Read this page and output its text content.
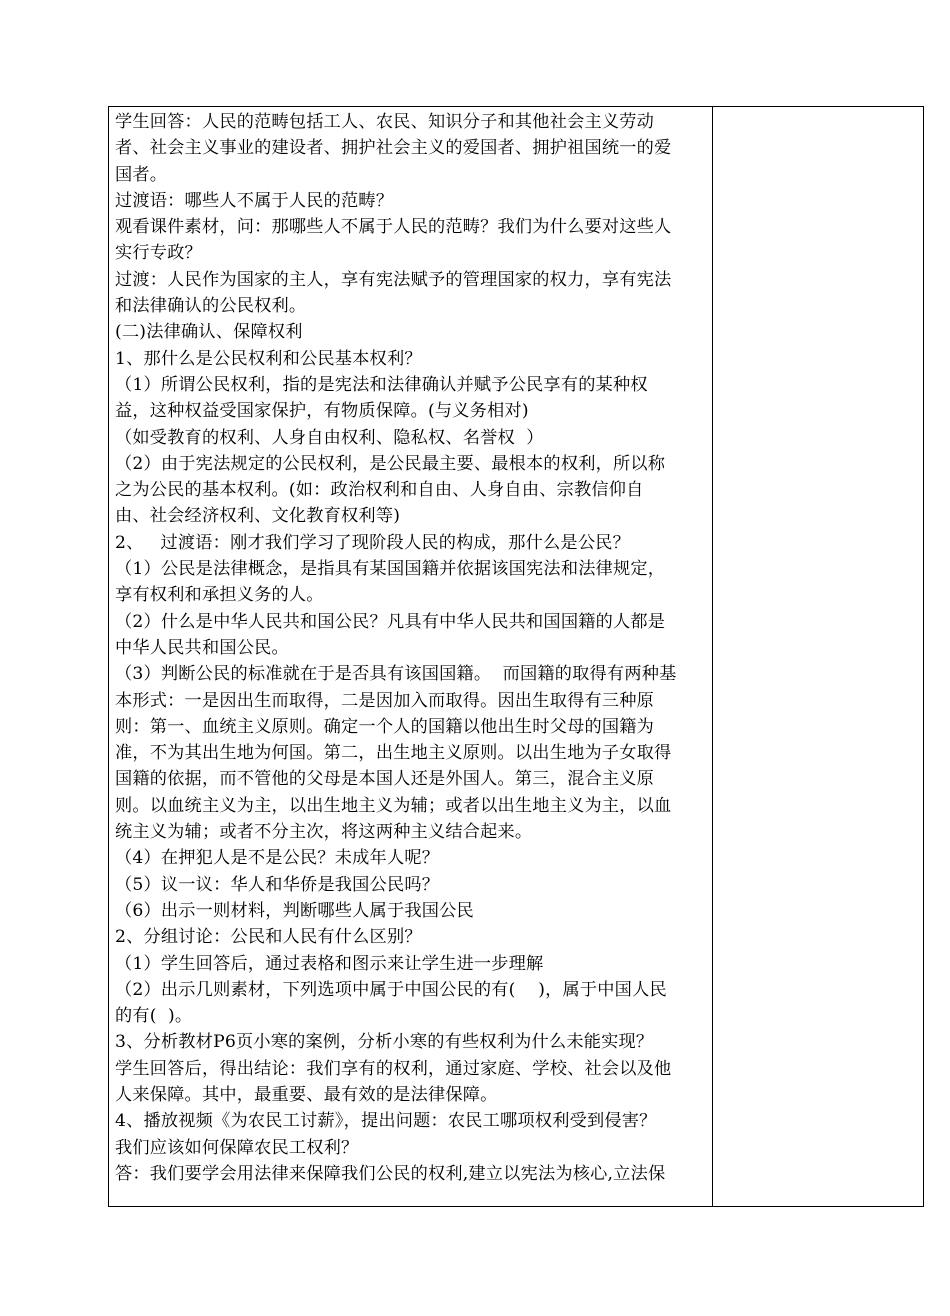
学生回答：人民的范畴包括工人、农民、知识分子和其他社会主义劳动
者、社会主义事业的建设者、拥护社会主义的爱国者、拥护祖国统一的爱
国者。
过渡语：哪些人不属于人民的范畴？
观看课件素材，问：那哪些人不属于人民的范畴？我们为什么要对这些人
实行专政？
过渡：人民作为国家的主人，享有宪法赋予的管理国家的权力，享有宪法
和法律确认的公民权利。
(二)法律确认、保障权利
1、那什么是公民权利和公民基本权利？
（1）所谓公民权利，指的是宪法和法律确认并赋予公民享有的某种权
益，这种权益受国家保护，有物质保障。(与义务相对)
（如受教育的权利、人身自由权利、隐私权、名誉权  ）
（2）由于宪法规定的公民权利，是公民最主要、最根本的权利，所以称
之为公民的基本权利。(如：政治权利和自由、人身自由、宗教信仰自
由、社会经济权利、文化教育权利等)
2、   过渡语：刚才我们学习了现阶段人民的构成，那什么是公民？
（1）公民是法律概念，是指具有某国国籍并依据该国宪法和法律规定，
享有权利和承担义务的人。
（2）什么是中华人民共和国公民？凡具有中华人民共和国国籍的人都是
中华人民共和国公民。
（3）判断公民的标准就在于是否具有该国国籍。  而国籍的取得有两种基
本形式：一是因出生而取得，二是因加入而取得。因出生取得有三种原
则：第一、血统主义原则。确定一个人的国籍以他出生时父母的国籍为
准，不为其出生地为何国。第二，出生地主义原则。以出生地为子女取得
国籍的依据，而不管他的父母是本国人还是外国人。第三，混合主义原
则。以血统主义为主，以出生地主义为辅；或者以出生地主义为主，以血
统主义为辅；或者不分主次，将这两种主义结合起来。
（4）在押犯人是不是公民？未成年人呢？
（5）议一议：华人和华侨是我国公民吗？
（6）出示一则材料，判断哪些人属于我国公民
2、分组讨论：公民和人民有什么区别？
（1）学生回答后，通过表格和图示来让学生进一步理解
（2）出示几则素材，下列选项中属于中国公民的有(    )，属于中国人民
的有(  )。
3、分析教材P6页小寒的案例，分析小寒的有些权利为什么未能实现？
学生回答后，得出结论：我们享有的权利，通过家庭、学校、社会以及他
人来保障。其中，最重要、最有效的是法律保障。
4、播放视频《为农民工讨薪》，提出问题：农民工哪项权利受到侵害？
我们应该如何保障农民工权利？
答：我们要学会用法律来保障我们公民的权利,建立以宪法为核心,立法保
